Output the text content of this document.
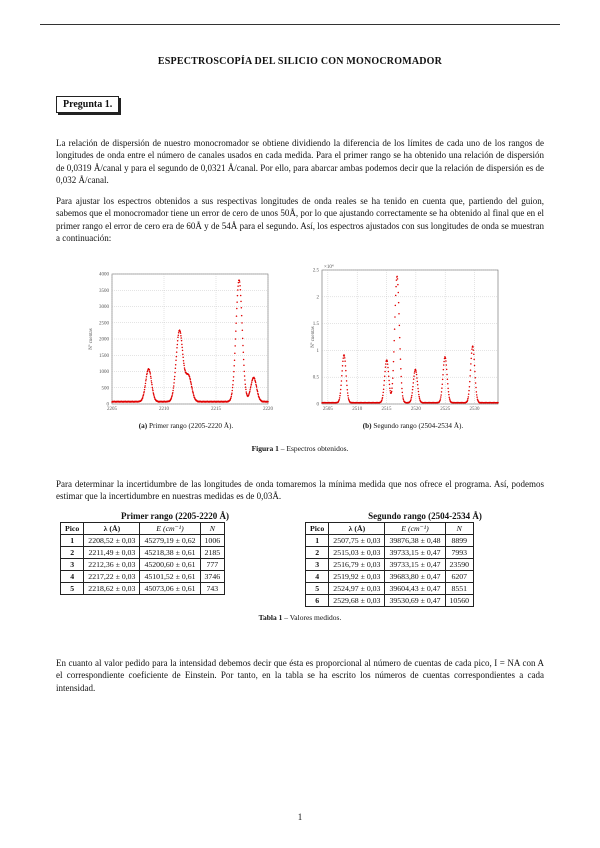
ESPECTROSCOPÍA DEL SILICIO CON MONOCROMADOR
Pregunta 1.

La relación de dispersión de nuestro monocromador se obtiene dividiendo la diferencia de los límites de cada uno de los rangos de longitudes de onda entre el número de canales usados en cada medida. Para el primer rango se ha obtenido una relación de dispersión de 0,0319 Å/canal y para el segundo de 0,0321 Å/canal. Por ello, para abarcar ambas podemos decir que la relación de dispersión es de 0,032 Å/canal.

Para ajustar los espectros obtenidos a sus respectivas longitudes de onda reales se ha tenido en cuenta que, partiendo del guion, sabemos que el monocromador tiene un error de cero de unos 50Å, por lo que ajustando correctamente se ha obtenido al final que en el primer rango el error de cero era de 60Å y de 54Å para el segundo. Así, los espectros ajustados con sus longitudes de onda se muestran a continuación:

0
500
1000
1500
2000
2500
3000
3500
4000
2205	2210	2215	2220
Nº cuentas
0
0.5
1
1.5
2
2.5
2505	2510	2515	2520	2525	2530
Nº cuentas
×10⁴
(a) Primer rango (2205-2220 Å).	(b) Segundo rango (2504-2534 Å).
Figura 1 – Espectros obtenidos.

Para determinar la incertidumbre de las longitudes de onda tomaremos la mínima medida que nos ofrece el programa. Así, podemos estimar que la incertidumbre en nuestras medidas es de 0,03Å.

Primer rango (2205-2220 Å)
Pico	λ (Å)	E (cm⁻¹)	N
1	2208,52 ± 0,03	45279,19 ± 0,62	1006
2	2211,49 ± 0,03	45218,38 ± 0,61	2185
3	2212,36 ± 0,03	45200,60 ± 0,61	777
4	2217,22 ± 0,03	45101,52 ± 0,61	3746
5	2218,62 ± 0,03	45073,06 ± 0,61	743
Segundo rango (2504-2534 Å)
Pico	λ (Å)	E (cm⁻¹)	N
1	2507,75 ± 0,03	39876,38 ± 0,48	8899
2	2515,03 ± 0,03	39733,15 ± 0,47	7993
3	2516,79 ± 0,03	39733,15 ± 0,47	23590
4	2519,92 ± 0,03	39683,80 ± 0,47	6207
5	2524,97 ± 0,03	39604,43 ± 0,47	8551
6	2529,68 ± 0,03	39530,69 ± 0,47	10560
Tabla 1 – Valores medidos.

En cuanto al valor pedido para la intensidad debemos decir que ésta es proporcional al número de cuentas de cada pico, I = NA con A el correspondiente coeficiente de Einstein. Por tanto, en la tabla se ha escrito los números de cuentas correspondientes a cada intensidad.

1
